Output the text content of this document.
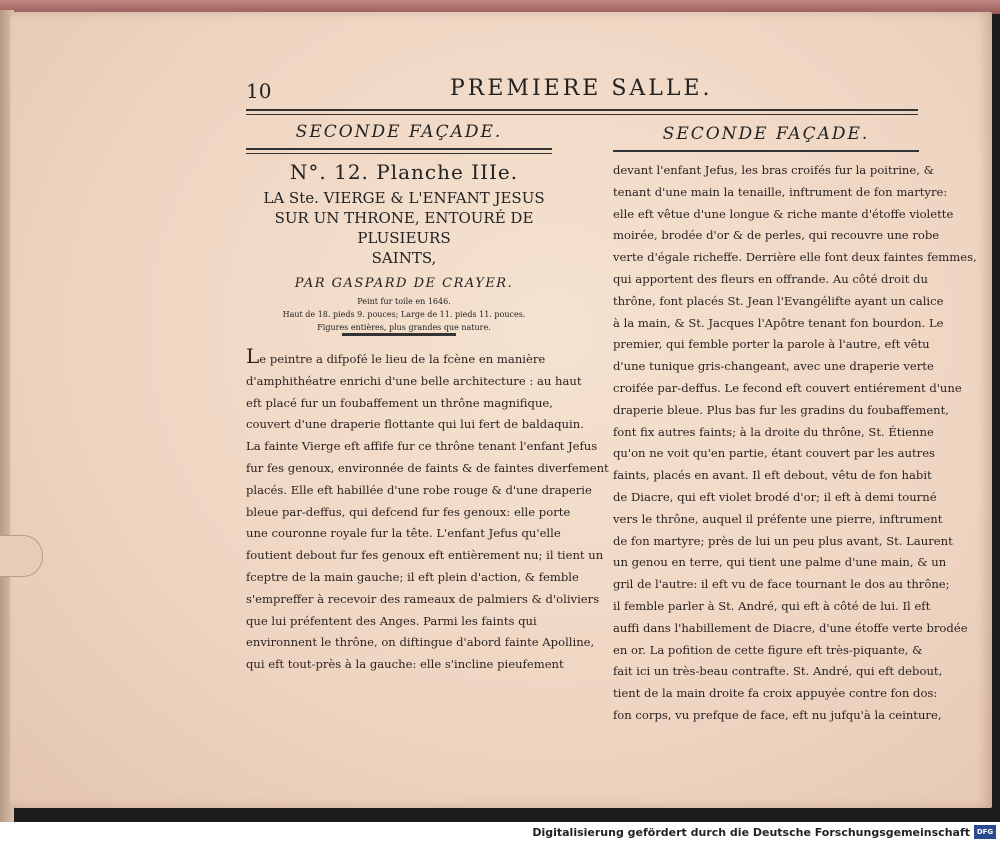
10	PREMIERE SALLE.
SECONDE FAÇADE.	SECONDE FAÇADE.
N°. 12. Planche IIIe.
LA Ste. VIERGE & L'ENFANT JESUS
SUR UN THRONE, ENTOURÉ DE PLUSIEURS
SAINTS,
PAR GASPARD DE CRAYER.
Peint fur toile en 1646.
Haut de 18. pieds 9. pouces; Large de 11. pieds 11. pouces.
Figures entières, plus grandes que nature.
Le peintre a difpofé le lieu de la fcène en manière
d'amphithéatre enrichi d'une belle architecture : au haut
eft placé fur un foubaffement un thrône magnifique,
couvert d'une draperie flottante qui lui fert de baldaquin.
La fainte Vierge eft affife fur ce thrône tenant l'enfant Jefus
fur fes genoux, environnée de faints & de faintes diverfement
placés. Elle eft habillée d'une robe rouge & d'une draperie
bleue par-deffus, qui defcend fur fes genoux: elle porte
une couronne royale fur la tête. L'enfant Jefus qu'elle
foutient debout fur fes genoux eft entièrement nu; il tient un
fceptre de la main gauche; il eft plein d'action, & femble
s'empreffer à recevoir des rameaux de palmiers & d'oliviers
que lui préfentent des Anges. Parmi les faints qui
environnent le thrône, on diftingue d'abord fainte Apolline,
qui eft tout-près à la gauche: elle s'incline pieufement
devant l'enfant Jefus, les bras croifés fur la poitrine, &
tenant d'une main la tenaille, inftrument de fon martyre:
elle eft vêtue d'une longue & riche mante d'étoffe violette
moirée, brodée d'or & de perles, qui recouvre une robe
verte d'égale richeffe. Derrière elle font deux faintes femmes,
qui apportent des fleurs en offrande. Au côté droit du
thrône, font placés St. Jean l'Evangélifte ayant un calice
à la main, & St. Jacques l'Apôtre tenant fon bourdon. Le
premier, qui femble porter la parole à l'autre, eft vêtu
d'une tunique gris-changeant, avec une draperie verte
croifée par-deffus. Le fecond eft couvert entiérement d'une
draperie bleue. Plus bas fur les gradins du foubaffement,
font fix autres faints; à la droite du thrône, St. Étienne
qu'on ne voit qu'en partie, étant couvert par les autres
faints, placés en avant. Il eft debout, vêtu de fon habit
de Diacre, qui eft violet brodé d'or; il eft à demi tourné
vers le thrône, auquel il préfente une pierre, inftrument
de fon martyre; près de lui un peu plus avant, St. Laurent
un genou en terre, qui tient une palme d'une main, & un
gril de l'autre: il eft vu de face tournant le dos au thrône;
il femble parler à St. André, qui eft à côté de lui. Il eft
auffi dans l'habillement de Diacre, d'une étoffe verte brodée
en or. La pofition de cette figure eft très-piquante, &
fait ici un très-beau contrafte. St. André, qui eft debout,
tient de la main droite fa croix appuyée contre fon dos:
fon corps, vu prefque de face, eft nu jufqu'à la ceinture,
Digitalisierung gefördert durch die Deutsche Forschungsgemeinschaft DFG
